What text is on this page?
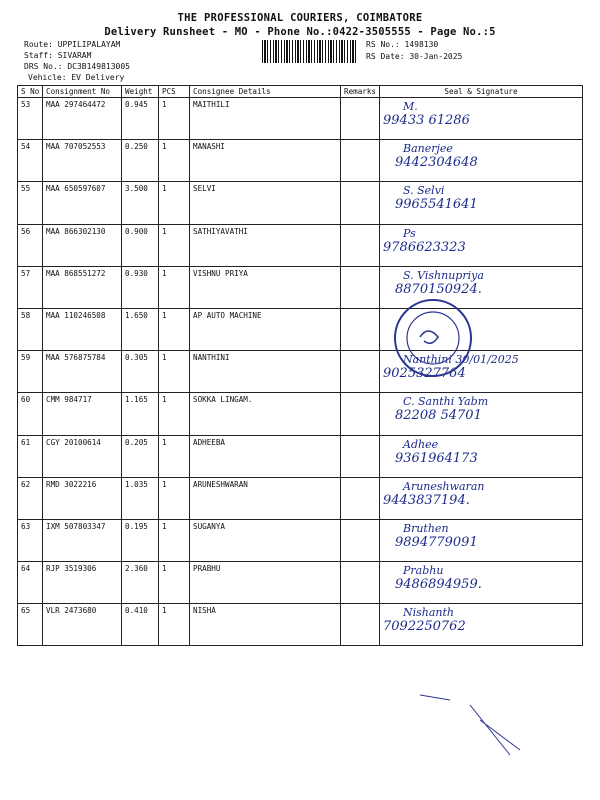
THE PROFESSIONAL COURIERS, COIMBATORE
Delivery Runsheet - MO - Phone No.:0422-3505555 - Page No.:5
Route: UPPILIPALAYAM
Staff: SIVARAM
DRS No.: DC3B149813005
Vehicle: EV Delivery
RS No.: 1498130
RS Date: 30-Jan-2025
S No	Consignment No	Weight	PCS	Consignee Details	Remarks	Seal & Signature
53	MAA 297464472	0.945	1	MAITHILI		M.
99433 61286

54	MAA 707052553	0.250	1	MANASHI		Banerjee
9442304648

55	MAA 650597607	3.500	1	SELVI		S. Selvi
9965541641

56	MAA 866302130	0.900	1	SATHIYAVATHI		Ps
9786623323

57	MAA 868551272	0.930	1	VISHNU PRIYA		S. Vishnupriya
8870150924.

58	MAA 110246508	1.650	1	AP AUTO MACHINE		

59	MAA 576875784	0.305	1	NANTHINI		Nanthini 30/01/2025
9025327764

60	CMM 984717	1.165	1	SOKKA LINGAM.		C. Santhi Yabm
82208 54701

61	CGY 20100614	0.205	1	ADHEEBA		Adhee
9361964173

62	RMD 3022216	1.035	1	ARUNESHWARAN		Aruneshwaran
9443837194.

63	IXM 507803347	0.195	1	SUGANYA		Bruthen
9894779091

64	RJP 3519306	2.360	1	PRABHU		Prabhu
9486894959.

65	VLR 2473680	0.410	1	NISHA		Nishanth
7092250762
